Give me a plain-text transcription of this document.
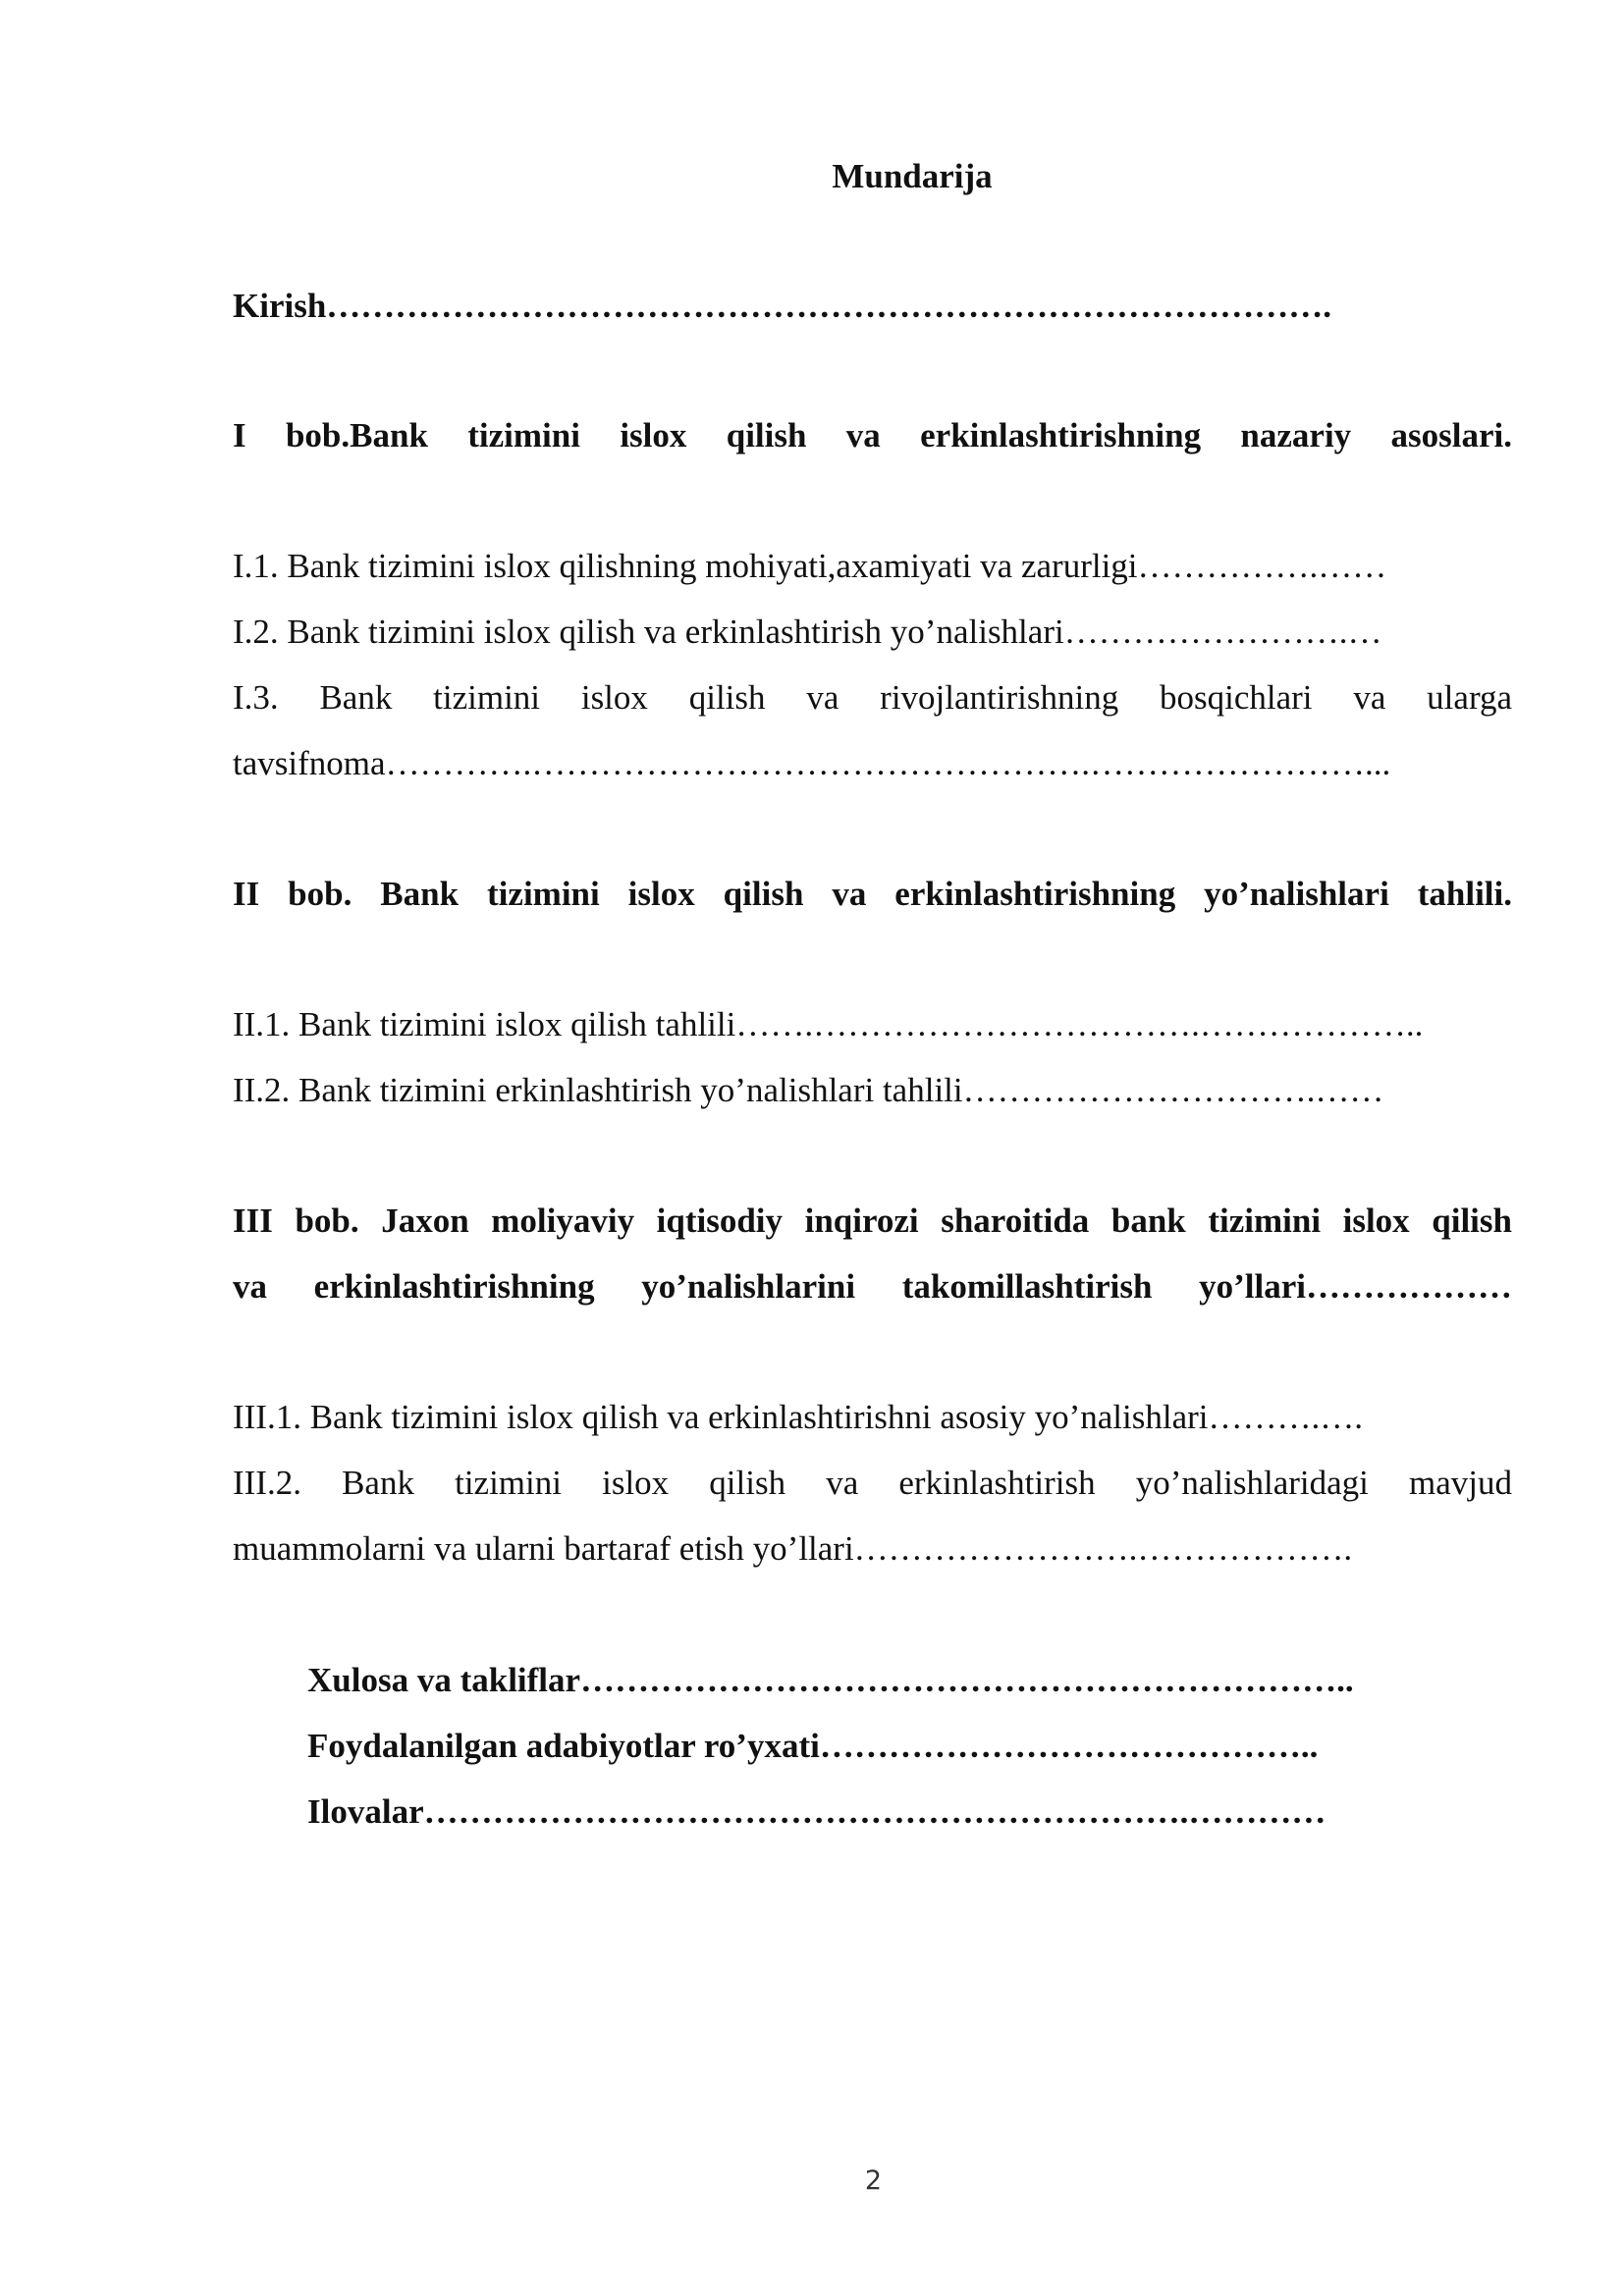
Mundarija
Kirish…………………………………………………………………………….
I bob.Bank tizimini islox qilish va erkinlashtirishning nazariy asoslari.
I.1. Bank tizimini islox qilishning mohiyati,axamiyati va zarurligi…………….……
I.2. Bank tizimini islox qilish va erkinlashtirish yo’nalishlari…………………….…
I.3. Bank tizimini islox qilish va rivojlantirishning bosqichlari va ularga
tavsifnoma………….………………………………………….……………………...
II bob. Bank tizimini islox qilish va erkinlashtirishning yo’nalishlari tahlili.
II.1. Bank tizimini islox qilish tahlili…….…………………………….………………..
II.2. Bank tizimini erkinlashtirish yo’nalishlari tahlili………………………….……
III bob. Jaxon moliyaviy iqtisodiy inqirozi sharoitida bank tizimini islox qilish
va erkinlashtirishning yo’nalishlarini takomillashtirish yo’llari………………
III.1. Bank tizimini islox qilish va erkinlashtirishni asosiy yo’nalishlari……….….
III.2. Bank tizimini islox qilish va erkinlashtirish yo’nalishlaridagi mavjud
muammolarni va ularni bartaraf etish yo’llari…………………….……………….
Xulosa va takliflar…………………………………………………………..
Foydalanilgan adabiyotlar ro’yxati……………………………………..
Ilovalar………………………………………………………….…………
2
